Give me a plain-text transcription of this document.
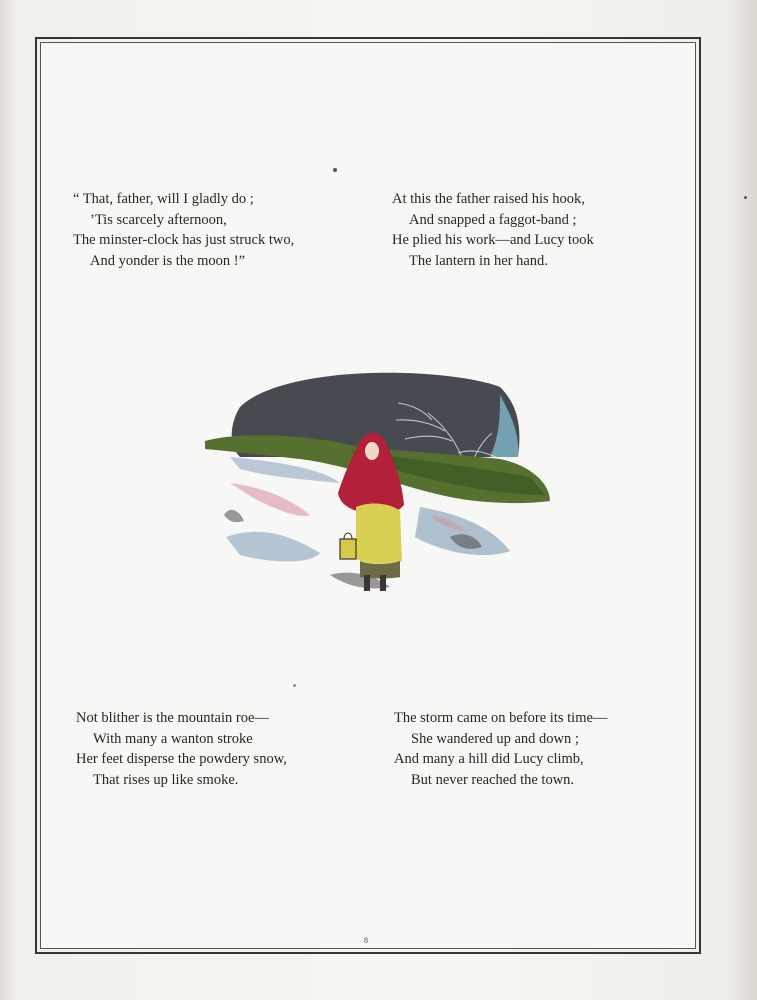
“ That, father, will I gladly do ;
’Tis scarcely afternoon,
The minster-clock has just struck two,
And yonder is the moon !”
At this the father raised his hook,
And snapped a faggot-band ;
He plied his work—and Lucy took
The lantern in her hand.
Not blither is the mountain roe—
With many a wanton stroke
Her feet disperse the powdery snow,
That rises up like smoke.
The storm came on before its time—
She wandered up and down ;
And many a hill did Lucy climb,
But never reached the town.
8
